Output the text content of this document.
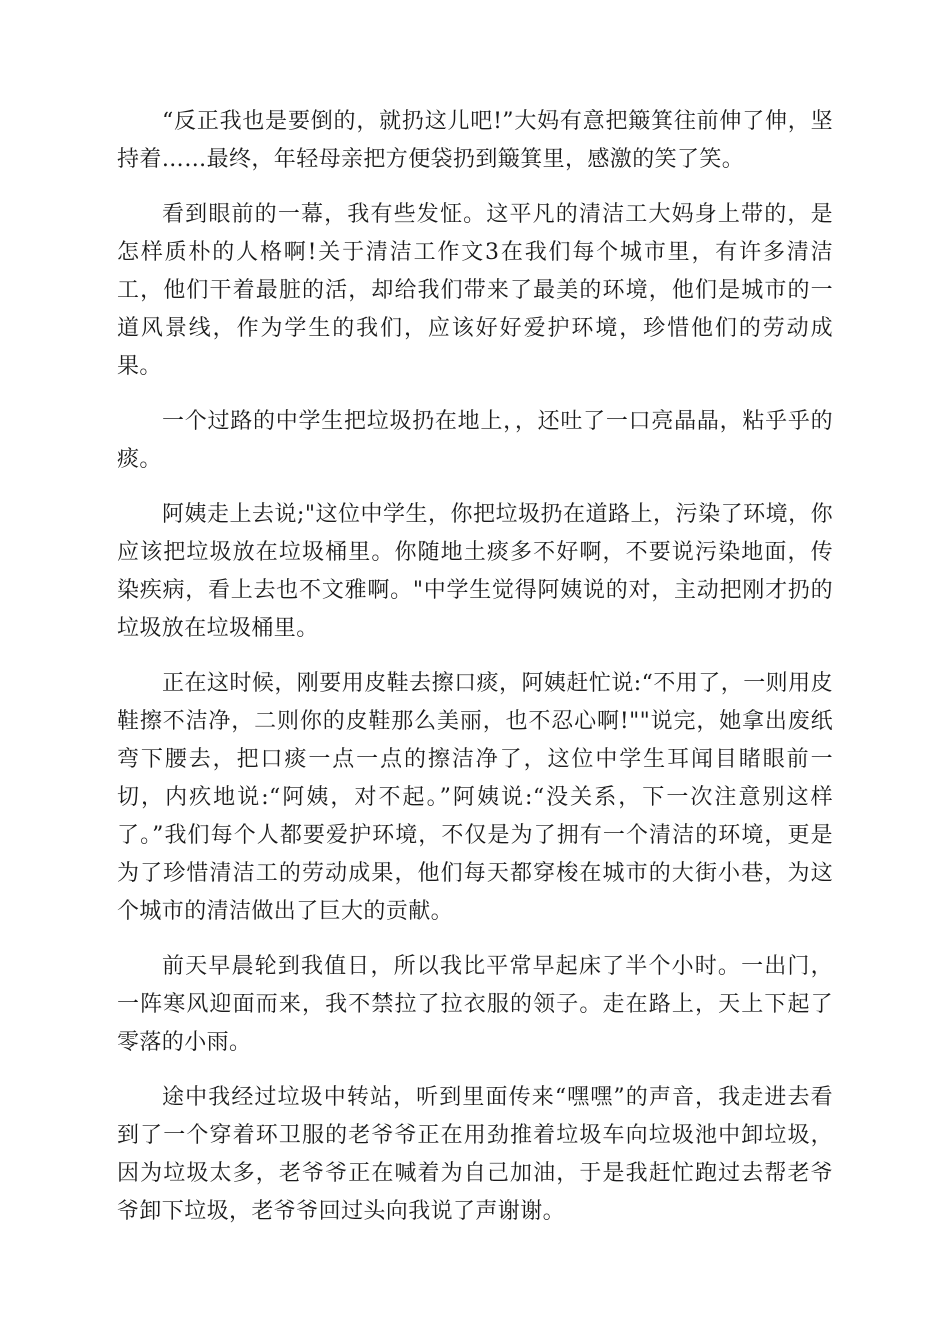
“反正我也是要倒的，就扔这儿吧!”大妈有意把簸箕往前伸了伸，坚持着……最终，年轻母亲把方便袋扔到簸箕里，感激的笑了笑。

看到眼前的一幕，我有些发怔。这平凡的清洁工大妈身上带的，是怎样质朴的人格啊!关于清洁工作文3在我们每个城市里，有许多清洁工，他们干着最脏的活，却给我们带来了最美的环境，他们是城市的一道风景线，作为学生的我们，应该好好爱护环境，珍惜他们的劳动成果。

一个过路的中学生把垃圾扔在地上，，还吐了一口亮晶晶，粘乎乎的痰。

阿姨走上去说;"这位中学生，你把垃圾扔在道路上，污染了环境，你应该把垃圾放在垃圾桶里。你随地土痰多不好啊，不要说污染地面，传染疾病，看上去也不文雅啊。"中学生觉得阿姨说的对，主动把刚才扔的垃圾放在垃圾桶里。

正在这时候，刚要用皮鞋去擦口痰，阿姨赶忙说:“不用了，一则用皮鞋擦不洁净，二则你的皮鞋那么美丽，也不忍心啊!""说完，她拿出废纸弯下腰去，把口痰一点一点的擦洁净了，这位中学生耳闻目睹眼前一切，内疚地说:“阿姨，对不起。”阿姨说:“没关系，下一次注意别这样了。”我们每个人都要爱护环境，不仅是为了拥有一个清洁的环境，更是为了珍惜清洁工的劳动成果，他们每天都穿梭在城市的大街小巷，为这个城市的清洁做出了巨大的贡献。

前天早晨轮到我值日，所以我比平常早起床了半个小时。一出门，一阵寒风迎面而来，我不禁拉了拉衣服的领子。走在路上，天上下起了零落的小雨。

途中我经过垃圾中转站，听到里面传来“嘿嘿”的声音，我走进去看到了一个穿着环卫服的老爷爷正在用劲推着垃圾车向垃圾池中卸垃圾，因为垃圾太多，老爷爷正在喊着为自己加油，于是我赶忙跑过去帮老爷爷卸下垃圾，老爷爷回过头向我说了声谢谢。
